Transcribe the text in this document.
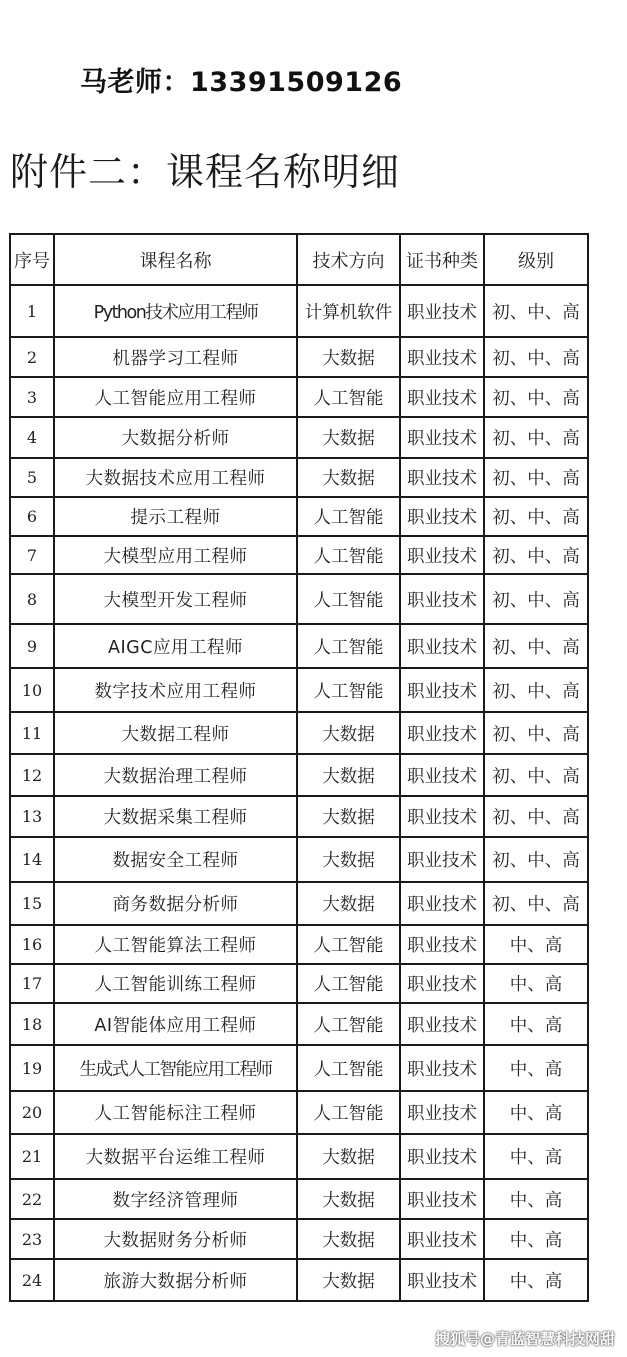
马老师：13391509126
附件二：课程名称明细
序号	课程名称	技术方向	证书种类	级别
1	Python技术应用工程师	计算机软件	职业技术	初、中、高
2	机器学习工程师	大数据	职业技术	初、中、高
3	人工智能应用工程师	人工智能	职业技术	初、中、高
4	大数据分析师	大数据	职业技术	初、中、高
5	大数据技术应用工程师	大数据	职业技术	初、中、高
6	提示工程师	人工智能	职业技术	初、中、高
7	大模型应用工程师	人工智能	职业技术	初、中、高
8	大模型开发工程师	人工智能	职业技术	初、中、高
9	AIGC应用工程师	人工智能	职业技术	初、中、高
10	数字技术应用工程师	人工智能	职业技术	初、中、高
11	大数据工程师	大数据	职业技术	初、中、高
12	大数据治理工程师	大数据	职业技术	初、中、高
13	大数据采集工程师	大数据	职业技术	初、中、高
14	数据安全工程师	大数据	职业技术	初、中、高
15	商务数据分析师	大数据	职业技术	初、中、高
16	人工智能算法工程师	人工智能	职业技术	中、高
17	人工智能训练工程师	人工智能	职业技术	中、高
18	AI智能体应用工程师	人工智能	职业技术	中、高
19	生成式人工智能应用工程师	人工智能	职业技术	中、高
20	人工智能标注工程师	人工智能	职业技术	中、高
21	大数据平台运维工程师	大数据	职业技术	中、高
22	数字经济管理师	大数据	职业技术	中、高
23	大数据财务分析师	大数据	职业技术	中、高
24	旅游大数据分析师	大数据	职业技术	中、高
搜狐号@青蓝智慧科技网甜
